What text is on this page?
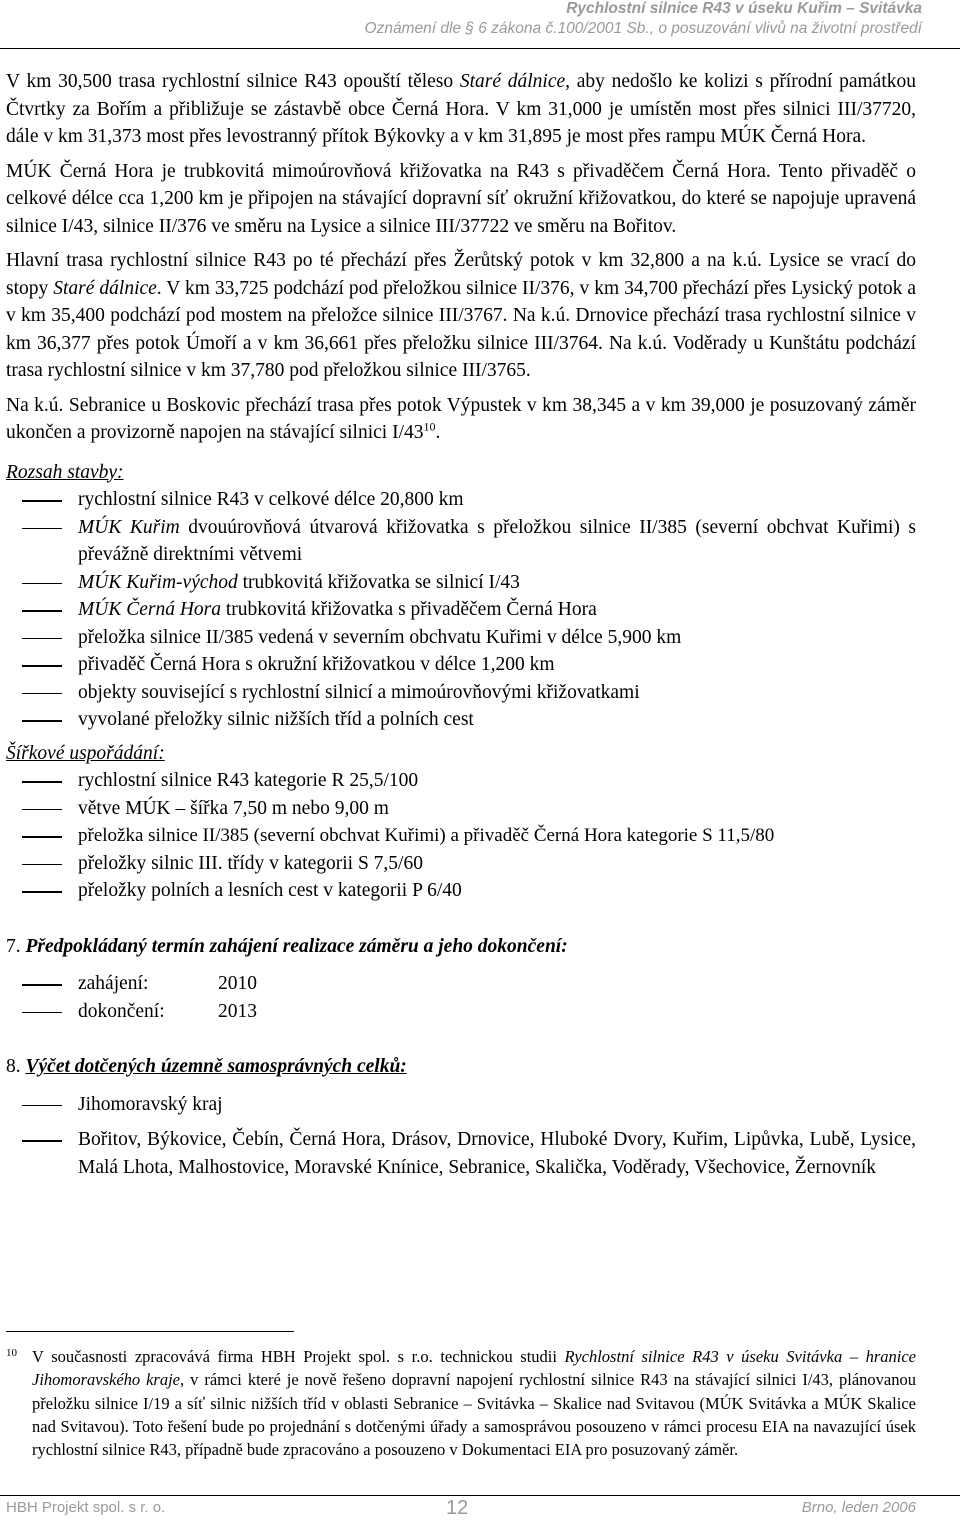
Rychlostní silnice R43 v úseku Kuřim – Svitávka
Oznámení dle § 6 zákona č.100/2001 Sb., o posuzování vlivů na životní prostředí

V km 30,500 trasa rychlostní silnice R43 opouští těleso Staré dálnice, aby nedošlo ke kolizi s přírodní památkou Čtvrtky za Bořím a přibližuje se zástavbě obce Černá Hora. V km 31,000 je umístěn most přes silnici III/37720, dále v km 31,373 most přes levostranný přítok Býkovky a v km 31,895 je most přes rampu MÚK Černá Hora.

MÚK Černá Hora je trubkovitá mimoúrovňová křižovatka na R43 s přivaděčem Černá Hora. Tento přivaděč o celkové délce cca 1,200 km je připojen na stávající dopravní síť okružní křižovatkou, do které se napojuje upravená silnice I/43, silnice II/376 ve směru na Lysice a silnice III/37722 ve směru na Bořitov.

Hlavní trasa rychlostní silnice R43 po té přechází přes Žerůtský potok v km 32,800 a na k.ú. Lysice se vrací do stopy Staré dálnice. V km 33,725 podchází pod přeložkou silnice II/376, v km 34,700 přechází přes Lysický potok a v km 35,400 podchází pod mostem na přeložce silnice III/3767. Na k.ú. Drnovice přechází trasa rychlostní silnice v km 36,377 přes potok Úmoří a v km 36,661 přes přeložku silnice III/3764. Na k.ú. Voděrady u Kunštátu podchází trasa rychlostní silnice v km 37,780 pod přeložkou silnice III/3765.

Na k.ú. Sebranice u Boskovic přechází trasa přes potok Výpustek v km 38,345 a v km 39,000 je posuzovaný záměr ukončen a provizorně napojen na stávající silnici $I/43^{10}$.

Rozsah stavby:

rychlostní silnice R43 v celkové délce 20,800 km
MÚK Kuřim dvouúrovňová útvarová křižovatka s přeložkou silnice II/385 (severní obchvat Kuřimi) s převážně direktními větvemi
MÚK Kuřim-východ trubkovitá křižovatka se silnicí I/43
MÚK Černá Hora trubkovitá křižovatka s přivaděčem Černá Hora
přeložka silnice II/385 vedená v severním obchvatu Kuřimi v délce 5,900 km
přivaděč Černá Hora s okružní křižovatkou v délce 1,200 km
objekty související s rychlostní silnicí a mimoúrovňovými křižovatkami
vyvolané přeložky silnic nižších tříd a polních cest

Šířkové uspořádání:

rychlostní silnice R43 kategorie R 25,5/100
větve MÚK – šířka 7,50 m nebo 9,00 m
přeložka silnice II/385 (severní obchvat Kuřimi) a přivaděč Černá Hora kategorie S 11,5/80
přeložky silnic III. třídy v kategorii S 7,5/60
přeložky polních a lesních cest v kategorii P 6/40

7. Předpokládaný termín zahájení realizace záměru a jeho dokončení:

zahájení:	2010
dokončení:	2013

8. Výčet dotčených územně samosprávných celků:

Jihomoravský kraj
Bořitov, Býkovice, Čebín, Černá Hora, Drásov, Drnovice, Hluboké Dvory, Kuřim, Lipůvka, Lubě, Lysice, Malá Lhota, Malhostovice, Moravské Knínice, Sebranice, Skalička, Voděrady, Všechovice, Žernovník
10 V současnosti zpracovává firma HBH Projekt spol. s r.o. technickou studii Rychlostní silnice R43 v úseku Svitávka – hranice Jihomoravského kraje, v rámci které je nově řešeno dopravní napojení rychlostní silnice R43 na stávající silnici I/43, plánovanou přeložku silnice I/19 a síť silnic nižších tříd v oblasti Sebranice – Svitávka – Skalice nad Svitavou (MÚK Svitávka a MÚK Skalice nad Svitavou). Toto řešení bude po projednání s dotčenými úřady a samosprávou posouzeno v rámci procesu EIA na navazující úsek rychlostní silnice R43, případně bude zpracováno a posouzeno v Dokumentaci EIA pro posuzovaný záměr.
HBH Projekt spol. s r. o.	12	Brno, leden 2006
